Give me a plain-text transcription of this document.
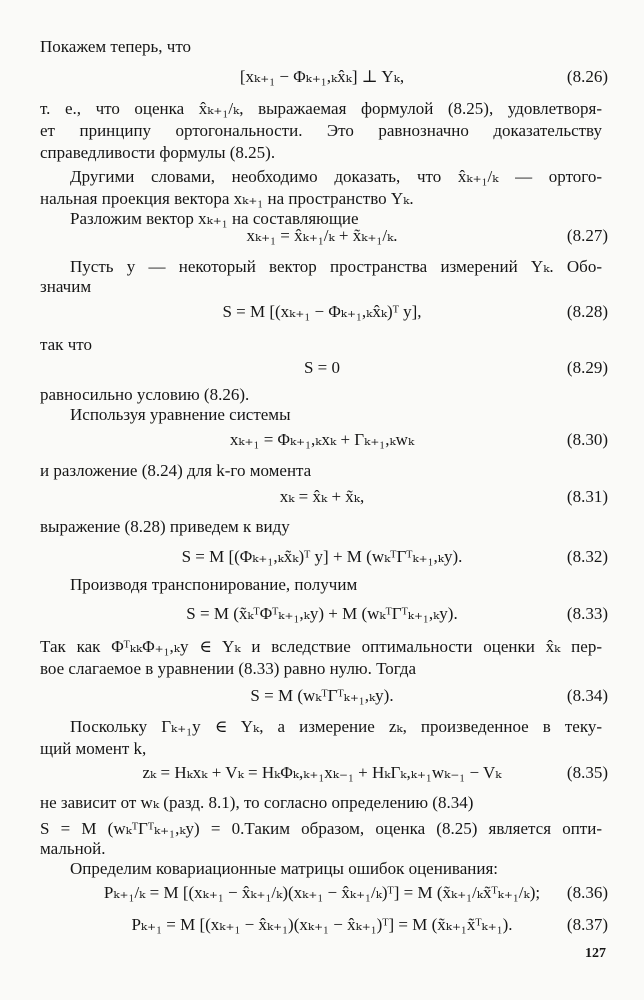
Покажем теперь, что

[xₖ₊₁ − Φₖ₊₁,ₖx̂ₖ] ⊥ Yₖ,	(8.26)

т. е., что оценка x̂ₖ₊₁/ₖ, выражаемая формулой (8.25), удовлетворя-

ет принципу ортогональности. Это равнозначно доказательству

справедливости формулы (8.25).

Другими словами, необходимо доказать, что x̂ₖ₊₁/ₖ — ортого-

нальная проекция вектора xₖ₊₁ на пространство Yₖ.

Разложим вектор xₖ₊₁ на составляющие

xₖ₊₁ = x̂ₖ₊₁/ₖ + x̃ₖ₊₁/ₖ.	(8.27)

Пусть y — некоторый вектор пространства измерений Yₖ. Обо-

значим

S = M [(xₖ₊₁ − Φₖ₊₁,ₖx̂ₖ)ᵀ y],	(8.28)

так что

S = 0	(8.29)

равносильно условию (8.26).

Используя уравнение системы

xₖ₊₁ = Φₖ₊₁,ₖxₖ + Γₖ₊₁,ₖwₖ	(8.30)

и разложение (8.24) для k-го момента

xₖ = x̂ₖ + x̃ₖ,	(8.31)

выражение (8.28) приведем к виду

S = M [(Φₖ₊₁,ₖx̃ₖ)ᵀ y] + M (wₖᵀΓᵀₖ₊₁,ₖy).	(8.32)

Производя транспонирование, получим

S = M (x̃ₖᵀΦᵀₖ₊₁,ₖy) + M (wₖᵀΓᵀₖ₊₁,ₖy).	(8.33)

Так как ΦᵀₖₖΦ₊₁,ₖy ∈ Yₖ и вследствие оптимальности оценки x̂ₖ пер-

вое слагаемое в уравнении (8.33) равно нулю. Тогда

S = M (wₖᵀΓᵀₖ₊₁,ₖy).	(8.34)

Поскольку Γₖ₊₁y ∈ Yₖ, а измерение zₖ, произведенное в теку-

щий момент k,

zₖ = Hₖxₖ + Vₖ = HₖΦₖ,ₖ₊₁xₖ₋₁ + HₖΓₖ,ₖ₊₁wₖ₋₁ − Vₖ	(8.35)

не зависит от wₖ (разд. 8.1), то согласно определению (8.34)

S = M (wₖᵀΓᵀₖ₊₁,ₖy) = 0.Таким образом, оценка (8.25) является опти-

мальной.

Определим ковариационные матрицы ошибок оценивания:

Pₖ₊₁/ₖ = M [(xₖ₊₁ − x̂ₖ₊₁/ₖ)(xₖ₊₁ − x̂ₖ₊₁/ₖ)ᵀ] = M (x̃ₖ₊₁/ₖx̃ᵀₖ₊₁/ₖ);	(8.36)

Pₖ₊₁ = M [(xₖ₊₁ − x̂ₖ₊₁)(xₖ₊₁ − x̂ₖ₊₁)ᵀ] = M (x̃ₖ₊₁x̃ᵀₖ₊₁).	(8.37)

127
